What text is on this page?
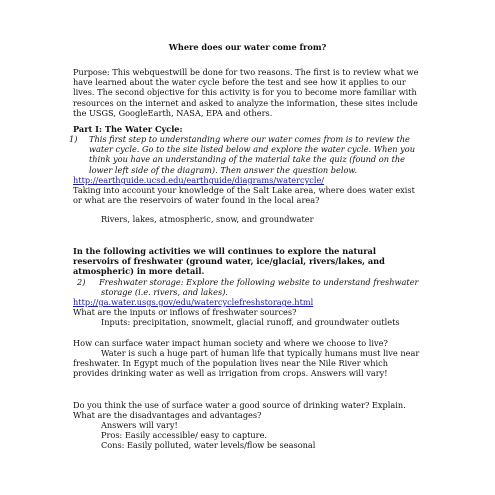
Where does our water come from?

Purpose: This webquestwill be done for two reasons. The first is to review what we have learned about the water cycle before the test and see how it applies to our lives. The second objective for this activity is for you to become more familiar with resources on the internet and asked to analyze the information, these sites include the USGS, GoogleEarth, NASA, EPA and others.

Part I: The Water Cycle:

1) This first step to understanding where our water comes from is to review the water cycle. Go to the site listed below and explore the water cycle. When you think you have an understanding of the material take the quiz (found on the lower left side of the diagram). Then answer the question below.
http://earthguide.ucsd.edu/earthguide/diagrams/watercycle/

Taking into account your knowledge of the Salt Lake area, where does water exist or what are the reservoirs of water found in the local area?

Rivers, lakes, atmospheric, snow, and groundwater

In the following activities we will continues to explore the natural reservoirs of freshwater (ground water, ice/glacial, rivers/lakes, and atmospheric) in more detail.

2) Freshwater storage: Explore the following website to understand freshwater storage (i.e. rivers, and lakes).
http://ga.water.usgs.gov/edu/watercyclefreshstorage.html

What are the inputs or inflows of freshwater sources?

Inputs: precipitation, snowmelt, glacial runoff, and groundwater outlets

How can surface water impact human society and where we choose to live?

Water is such a huge part of human life that typically humans must live near

freshwater. In Egypt much of the population lives near the Nile River which provides drinking water as well as irrigation from crops. Answers will vary!

Do you think the use of surface water a good source of drinking water? Explain.

What are the disadvantages and advantages?

Answers will vary!

Pros: Easily accessible/ easy to capture.

Cons: Easily polluted, water levels/flow be seasonal
